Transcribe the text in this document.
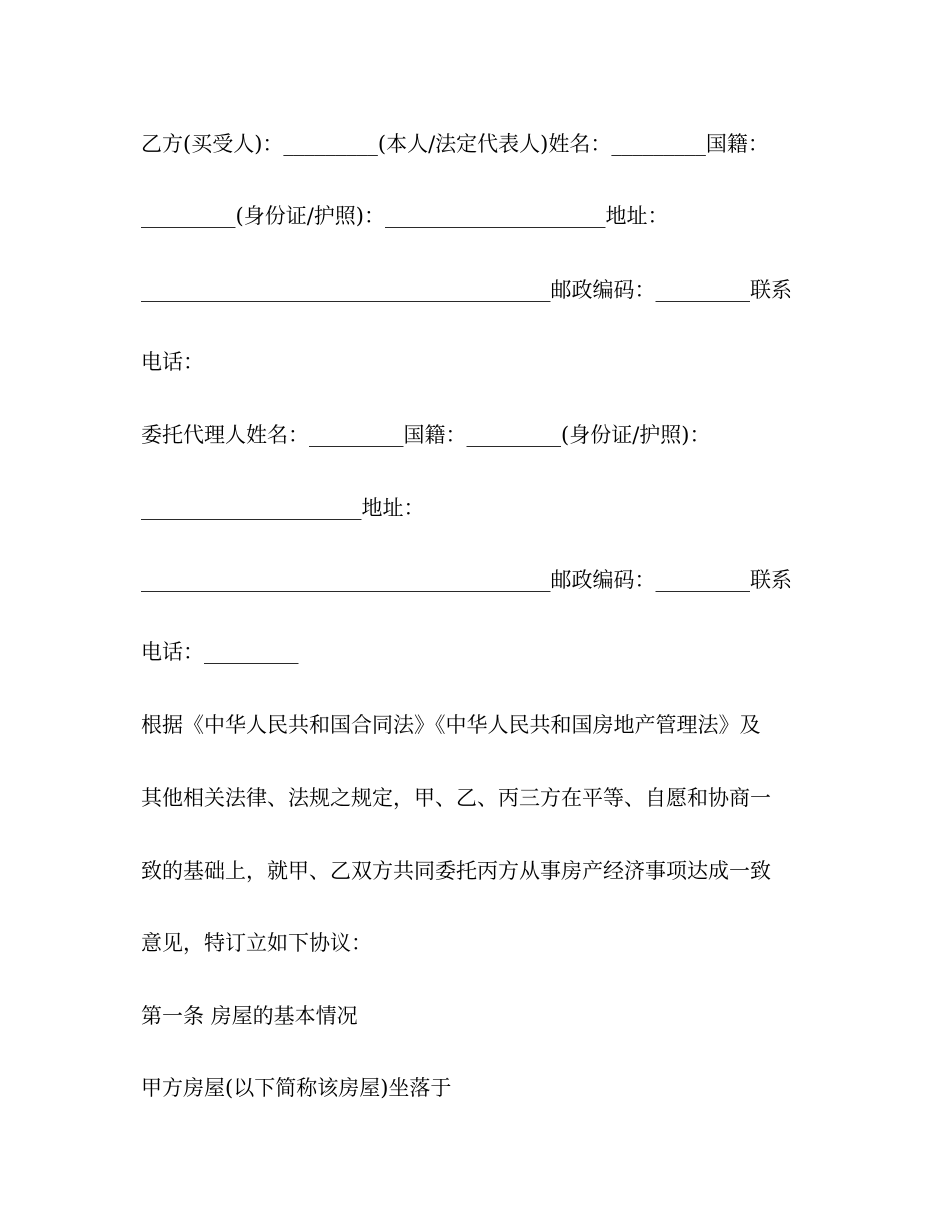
乙方(买受人)：_________(本人/法定代表人)姓名：_________国籍：
_________(身份证/护照)：_____________________地址：
_______________________________________邮政编码：_________联系
电话：
委托代理人姓名：_________国籍：_________(身份证/护照)：
_____________________地址：
_______________________________________邮政编码：_________联系
电话：_________
根据《中华人民共和国合同法》《中华人民共和国房地产管理法》及
其他相关法律、法规之规定，甲、乙、丙三方在平等、自愿和协商一
致的基础上，就甲、乙双方共同委托丙方从事房产经济事项达成一致
意见，特订立如下协议：
第一条 房屋的基本情况
甲方房屋(以下简称该房屋)坐落于
